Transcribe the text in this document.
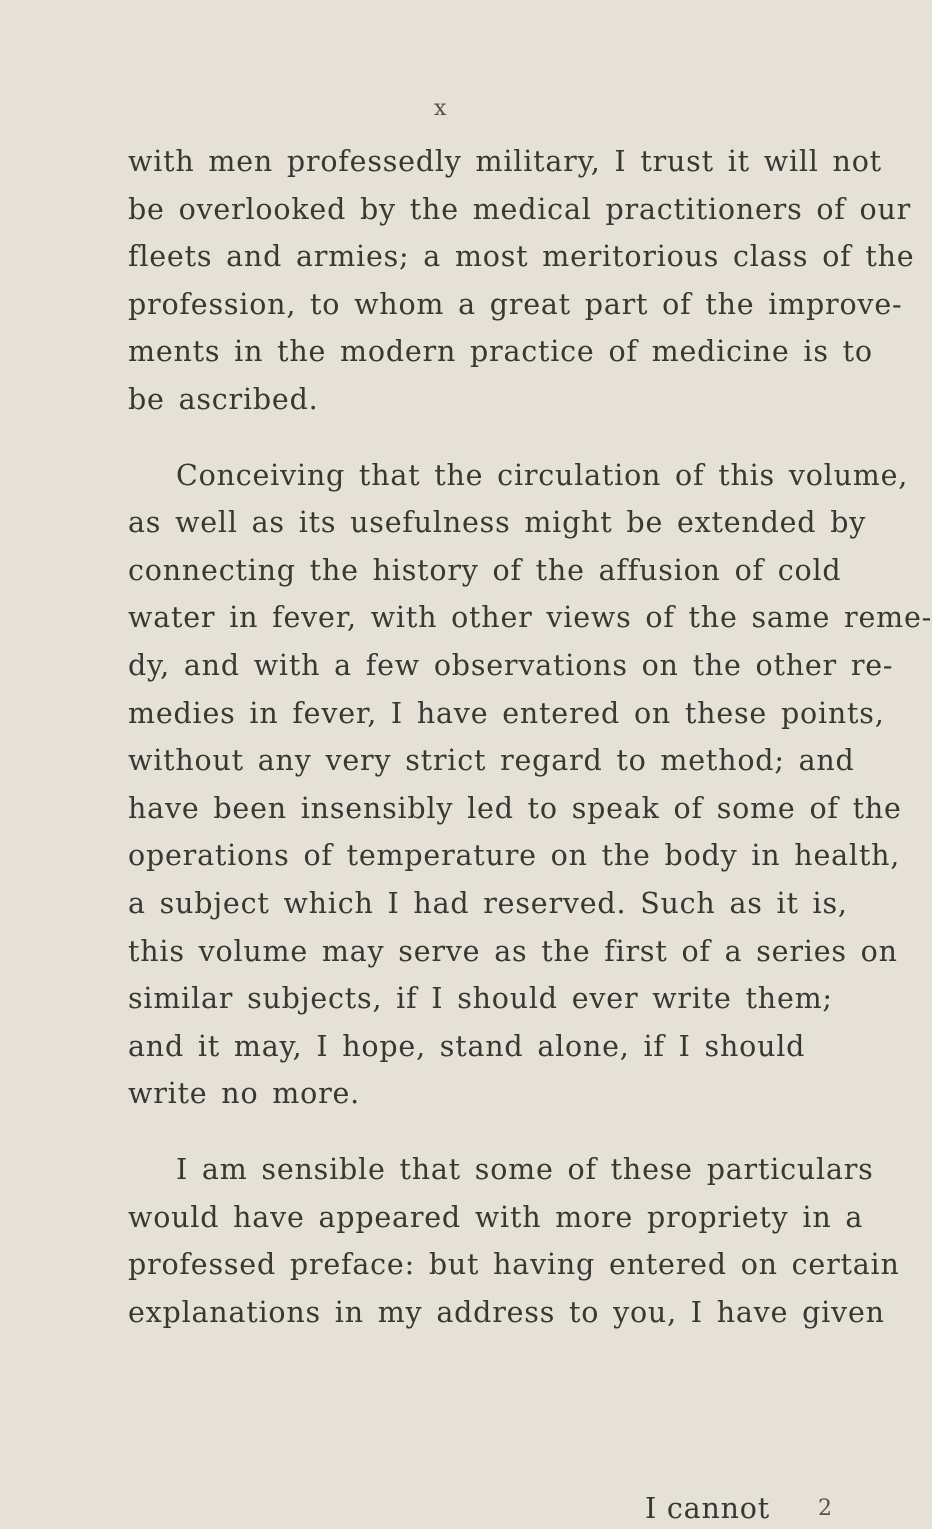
x
with men professedly military, I trust it will not
be overlooked by the medical practitioners of our
fleets and armies; a most meritorious class of the
profession, to whom a great part of the improve-
ments in the modern practice of medicine is to
be ascribed.
Conceiving that the circulation of this volume,
as well as its usefulness might be extended by
connecting the history of the affusion of cold
water in fever, with other views of the same reme-
dy, and with a few observations on the other re-
medies in fever, I have entered on these points,
without any very strict regard to method; and
have been insensibly led to speak of some of the
operations of temperature on the body in health,
a subject which I had reserved. Such as it is,
this volume may serve as the first of a series on
similar subjects, if I should ever write them;
and it may, I hope, stand alone, if I should
write no more.
I am sensible that some of these particulars
would have appeared with more propriety in a
professed preface: but having entered on certain
explanations in my address to you, I have given
2
I cannot
